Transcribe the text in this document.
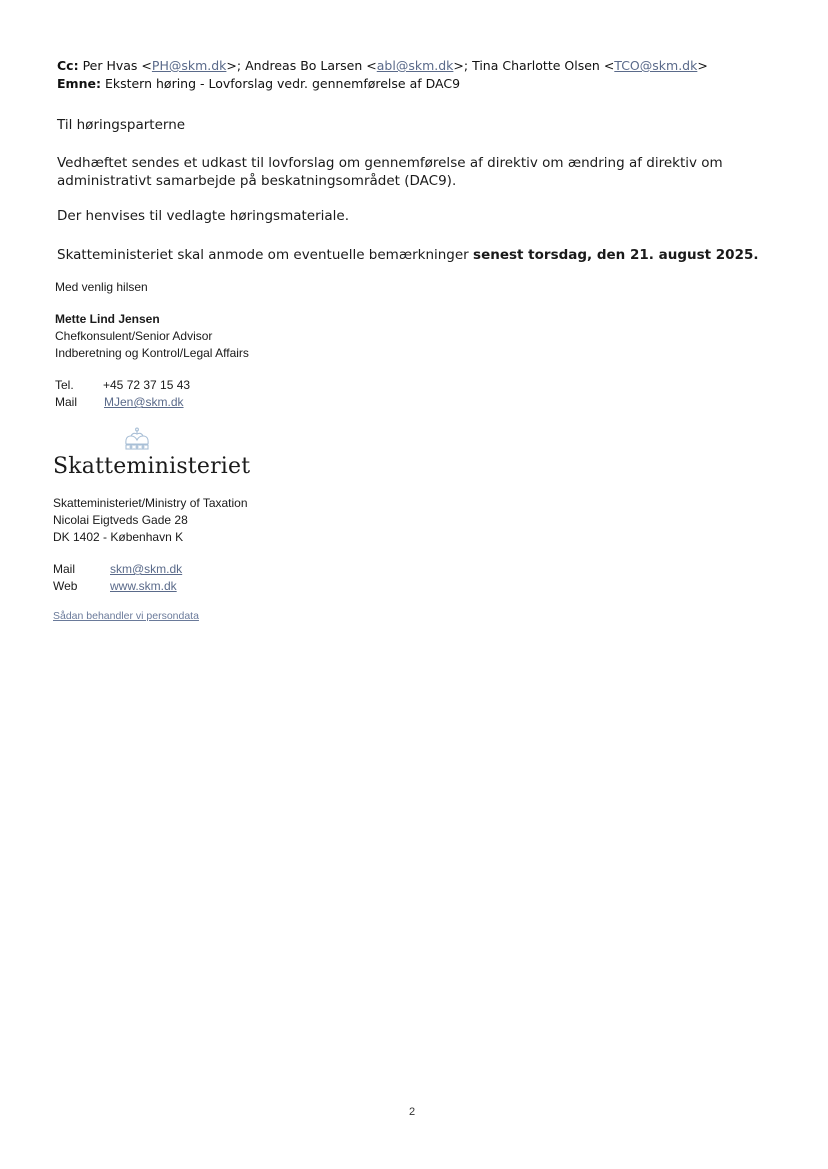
Cc: Per Hvas <PH@skm.dk>; Andreas Bo Larsen <abl@skm.dk>; Tina Charlotte Olsen <TCO@skm.dk>
Emne: Ekstern høring - Lovforslag vedr. gennemførelse af DAC9
Til høringsparterne
Vedhæftet sendes et udkast til lovforslag om gennemførelse af direktiv om ændring af direktiv om
administrativt samarbejde på beskatningsområdet (DAC9).
Der henvises til vedlagte høringsmateriale.
Skatteministeriet skal anmode om eventuelle bemærkninger senest torsdag, den 21. august 2025.
Med venlig hilsen
Mette Lind Jensen
Chefkonsulent/Senior Advisor
Indberetning og Kontrol/Legal Affairs
Tel. +45 72 37 15 43
Mail MJen@skm.dk
Skatteministeriet
Skatteministeriet/Ministry of Taxation
Nicolai Eigtveds Gade 28
DK 1402 - København K
Mail	skm@skm.dk
Web	www.skm.dk
Sådan behandler vi persondata
2
